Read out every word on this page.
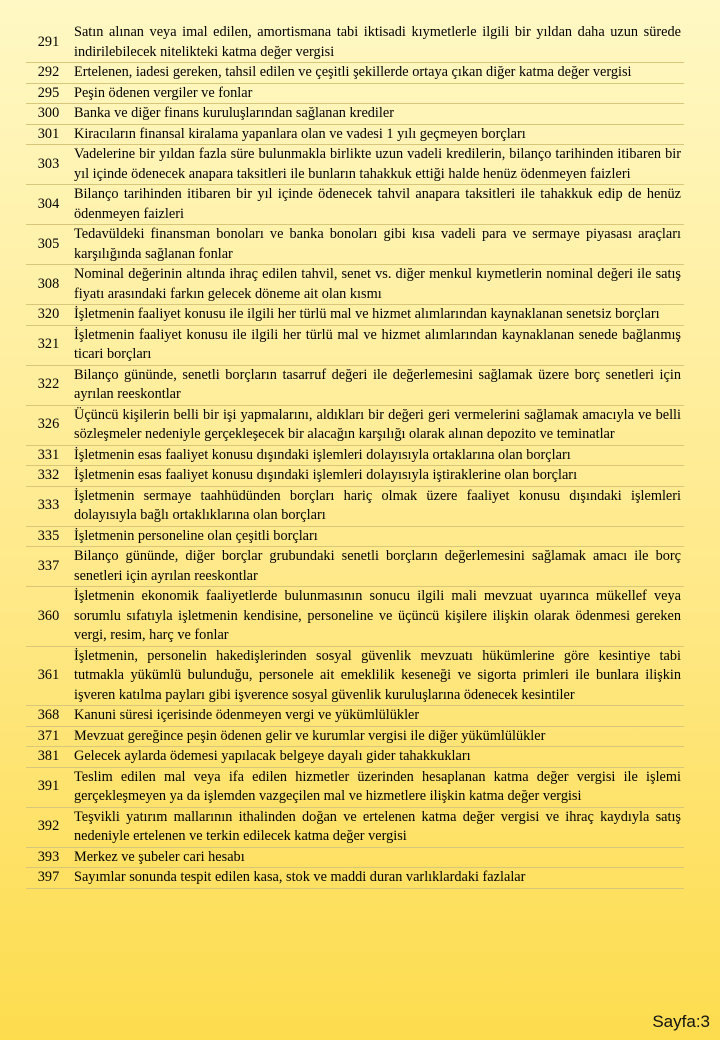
291	Satın alınan veya imal edilen, amortismana tabi iktisadi kıymetlerle ilgili bir yıldan daha uzun sürede indirilebilecek nitelikteki katma değer vergisi
292	Ertelenen, iadesi gereken, tahsil edilen ve çeşitli şekillerde ortaya çıkan diğer katma değer vergisi
295	Peşin ödenen vergiler ve fonlar
300	Banka ve diğer finans kuruluşlarından sağlanan krediler
301	Kiracıların finansal kiralama yapanlara olan ve vadesi 1 yılı geçmeyen borçları
303	Vadelerine bir yıldan fazla süre bulunmakla birlikte uzun vadeli kredilerin, bilanço tarihinden itibaren bir yıl içinde ödenecek anapara taksitleri ile bunların tahakkuk ettiği halde henüz ödenmeyen faizleri
304	Bilanço tarihinden itibaren bir yıl içinde ödenecek tahvil anapara taksitleri ile tahakkuk edip de henüz ödenmeyen faizleri
305	Tedavüldeki finansman bonoları ve banka bonoları gibi kısa vadeli para ve sermaye piyasası araçları karşılığında sağlanan fonlar
308	Nominal değerinin altında ihraç edilen tahvil, senet vs. diğer menkul kıymetlerin nominal değeri ile satış fiyatı arasındaki farkın gelecek döneme ait olan kısmı
320	İşletmenin faaliyet konusu ile ilgili her türlü mal ve hizmet alımlarından kaynaklanan senetsiz borçları
321	İşletmenin faaliyet konusu ile ilgili her türlü mal ve hizmet alımlarından kaynaklanan senede bağlanmış ticari borçları
322	Bilanço gününde, senetli borçların tasarruf değeri ile değerlemesini sağlamak üzere borç senetleri için ayrılan reeskontlar
326	Üçüncü kişilerin belli bir işi yapmalarını, aldıkları bir değeri geri vermelerini sağlamak amacıyla ve belli sözleşmeler nedeniyle gerçekleşecek bir alacağın karşılığı olarak alınan depozito ve teminatlar
331	İşletmenin esas faaliyet konusu dışındaki işlemleri dolayısıyla ortaklarına olan borçları
332	İşletmenin esas faaliyet konusu dışındaki işlemleri dolayısıyla iştiraklerine olan borçları
333	İşletmenin sermaye taahhüdünden borçları hariç olmak üzere faaliyet konusu dışındaki işlemleri dolayısıyla bağlı ortaklıklarına olan borçları
335	İşletmenin personeline olan çeşitli borçları
337	Bilanço gününde, diğer borçlar grubundaki senetli borçların değerlemesini sağlamak amacı ile borç senetleri için ayrılan reeskontlar
360	İşletmenin ekonomik faaliyetlerde bulunmasının sonucu ilgili mali mevzuat uyarınca mükellef veya sorumlu sıfatıyla işletmenin kendisine, personeline ve üçüncü kişilere ilişkin olarak ödenmesi gereken vergi, resim, harç ve fonlar
361	İşletmenin, personelin hakedişlerinden sosyal güvenlik mevzuatı hükümlerine göre kesintiye tabi tutmakla yükümlü bulunduğu, personele ait emeklilik keseneği ve sigorta primleri ile bunlara ilişkin işveren katılma payları gibi işverence sosyal güvenlik kuruluşlarına ödenecek kesintiler
368	Kanuni süresi içerisinde ödenmeyen vergi ve yükümlülükler
371	Mevzuat gereğince peşin ödenen gelir ve kurumlar vergisi ile diğer yükümlülükler
381	Gelecek aylarda ödemesi yapılacak belgeye dayalı gider tahakkukları
391	Teslim edilen mal veya ifa edilen hizmetler üzerinden hesaplanan katma değer vergisi ile işlemi gerçekleşmeyen ya da işlemden vazgeçilen mal ve hizmetlere ilişkin katma değer vergisi
392	Teşvikli yatırım mallarının ithalinden doğan ve ertelenen katma değer vergisi ve ihraç kaydıyla satış nedeniyle ertelenen ve terkin edilecek katma değer vergisi
393	Merkez ve şubeler cari hesabı
397	Sayımlar sonunda tespit edilen kasa, stok ve maddi duran varlıklardaki fazlalar
Sayfa:3
